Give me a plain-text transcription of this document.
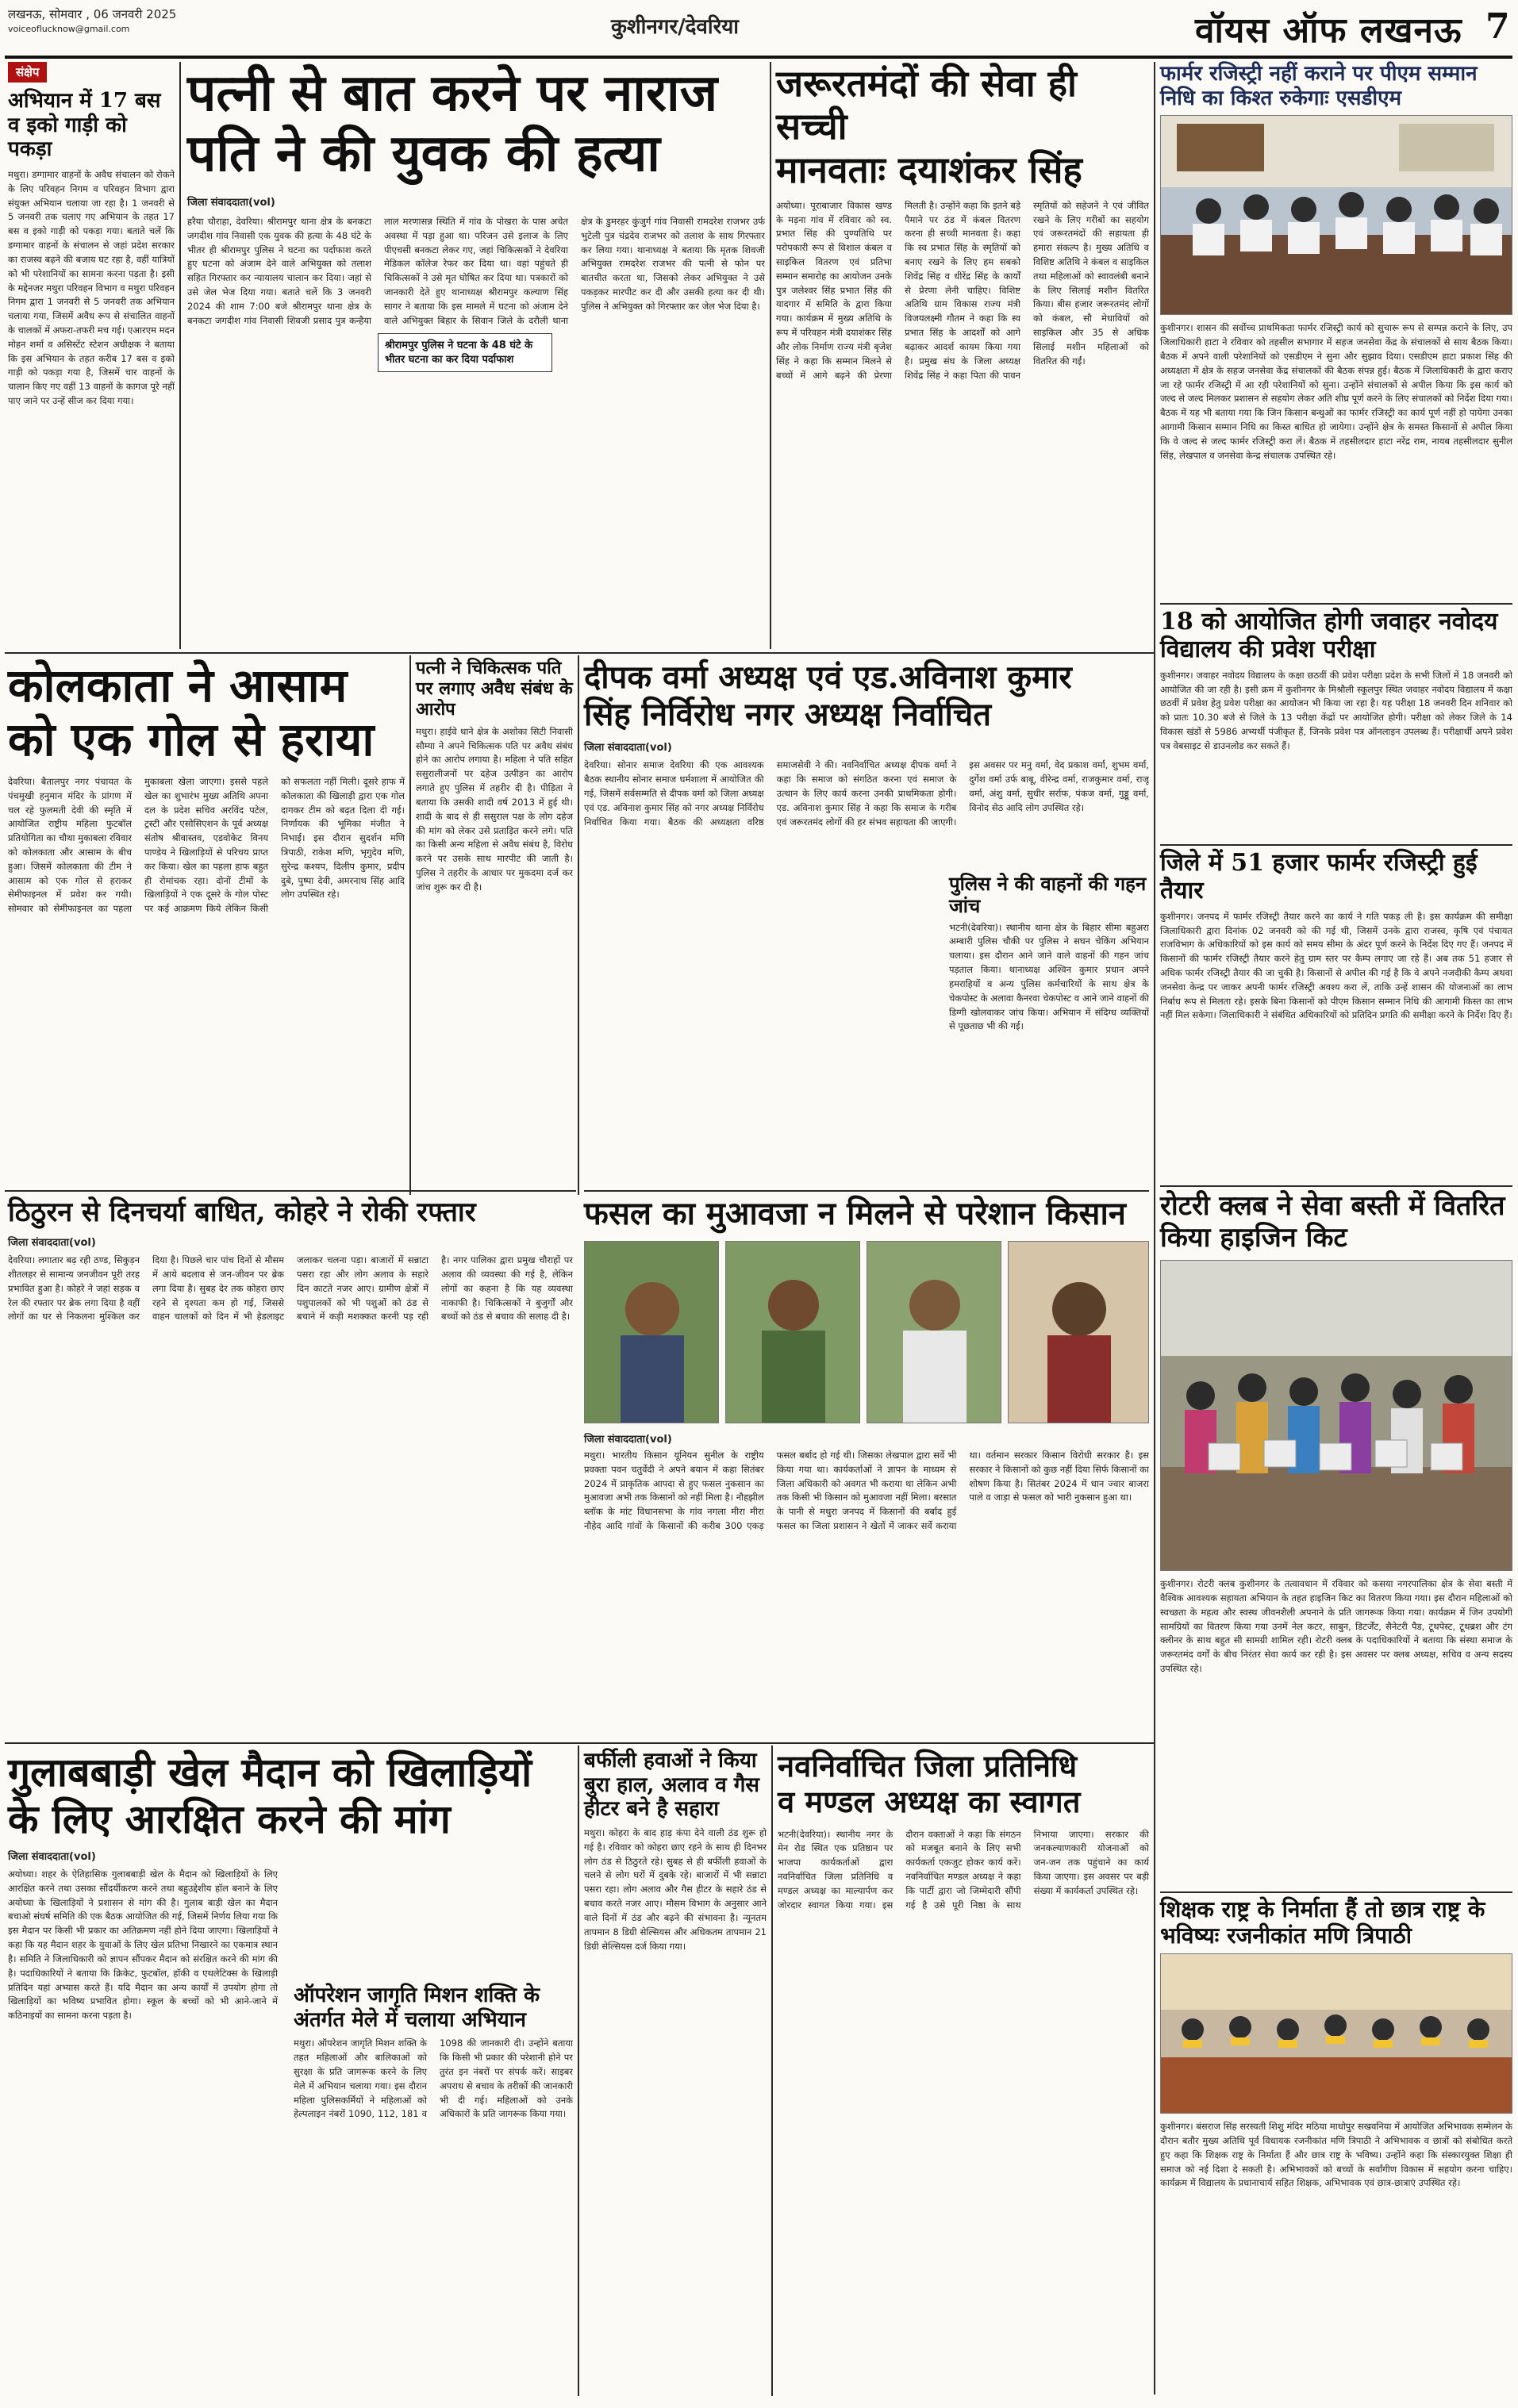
लखनऊ, सोमवार , 06 जनवरी 2025
voiceoflucknow@gmail.com	कुशीनगर/देवरिया	वॉयस ऑफ लखनऊ 7
संक्षेप

अभियान में 17 बस व इको गाड़ी को पकड़ा

मथुरा। डग्गामार वाहनों के अवैध संचालन को रोकने के लिए परिवहन निगम व परिवहन विभाग द्वारा संयुक्त अभियान चलाया जा रहा है। 1 जनवरी से 5 जनवरी तक चलाए गए अभियान के तहत 17 बस व इको गाड़ी को पकड़ा गया। बताते चलें कि डग्गामार वाहनों के संचालन से जहां प्रदेश सरकार का राजस्व बढ़ने की बजाय घट रहा है, वहीं यात्रियों को भी परेशानियों का सामना करना पड़ता है। इसी के मद्देनजर मथुरा परिवहन विभाग व मथुरा परिवहन निगम द्वारा 1 जनवरी से 5 जनवरी तक अभियान चलाया गया, जिसमें अवैध रूप से संचालित वाहनों के चालकों में अफरा-तफरी मच गई। एआरएम मदन मोहन शर्मा व असिस्टेंट स्टेशन अधीक्षक ने बताया कि इस अभियान के तहत करीब 17 बस व इको गाड़ी को पकड़ा गया है, जिसमें चार वाहनों के चालान किए गए वहीं 13 वाहनों के कागज पूरे नहीं पाए जाने पर उन्हें सीज कर दिया गया।

पत्नी से बात करने पर नाराज

पति ने की युवक की हत्या

जिला संवाददाता(vol)
श्रीरामपुर पुलिस ने घटना के 48 घंटे के भीतर घटना का कर दिया पर्दाफाश
हरैया चौराहा, देवरिया। श्रीरामपुर थाना क्षेत्र के बनकटा जगदीश गांव निवासी एक युवक की हत्या के 48 घंटे के भीतर ही श्रीरामपुर पुलिस ने घटना का पर्दाफाश करते हुए घटना को अंजाम देने वाले अभियुक्त को तलाश सहित गिरफ्तार कर न्यायालय चालान कर दिया। जहां से उसे जेल भेज दिया गया। बताते चलें कि 3 जनवरी 2024 की शाम 7:00 बजे श्रीरामपुर थाना क्षेत्र के बनकटा जगदीश गांव निवासी शिवजी प्रसाद पुत्र कन्हैया लाल मरणासन्न स्थिति में गांव के पोखरा के पास अचेत अवस्था में पड़ा हुआ था। परिजन उसे इलाज के लिए पीएचसी बनकटा लेकर गए, जहां चिकित्सकों ने देवरिया मेडिकल कॉलेज रेफर कर दिया था। वहां पहुंचते ही चिकित्सकों ने उसे मृत घोषित कर दिया था। पत्रकारों को जानकारी देते हुए थानाध्यक्ष श्रीरामपुर कल्याण सिंह सागर ने बताया कि इस मामले में घटना को अंजाम देने वाले अभियुक्त बिहार के सिवान जिले के दरौली थाना क्षेत्र के डुमरहर कुंजुर्ग गांव निवासी रामदरेश राजभर उर्फ भुटेली पुत्र चंद्रदेव राजभर को तलाश के साथ गिरफ्तार कर लिया गया। थानाध्यक्ष ने बताया कि मृतक शिवजी अभियुक्त रामदरेश राजभर की पत्नी से फोन पर बातचीत करता था, जिसको लेकर अभियुक्त ने उसे पकड़कर मारपीट कर दी और उसकी हत्या कर दी थी। पुलिस ने अभियुक्त को गिरफ्तार कर जेल भेज दिया है।

जरूरतमंदों की सेवा ही सच्ची

मानवताः दयाशंकर सिंह

अयोध्या। पूराबाजार विकास खण्ड के मड़ना गांव में रविवार को स्व. प्रभात सिंह की पुण्यतिथि पर परोपकारी रूप से विशाल कंबल व साइकिल वितरण एवं प्रतिभा सम्मान समारोह का आयोजन उनके पुत्र जलेश्वर सिंह प्रभात सिंह की यादगार में समिति के द्वारा किया गया। कार्यक्रम में मुख्य अतिथि के रूप में परिवहन मंत्री दयाशंकर सिंह और लोक निर्माण राज्य मंत्री बृजेश सिंह ने कहा कि सम्मान मिलने से बच्चों में आगे बढ़ने की प्रेरणा मिलती है। उन्होंने कहा कि इतने बड़े पैमाने पर ठंड में कंबल वितरण करना ही सच्ची मानवता है। कहा कि स्व प्रभात सिंह के स्मृतियों को बनाए रखने के लिए हम सबको शिवेंद्र सिंह व धीरेंद्र सिंह के कार्यों से प्रेरणा लेनी चाहिए। विशिष्ट अतिथि ग्राम विकास राज्य मंत्री विजयलक्ष्मी गौतम ने कहा कि स्व प्रभात सिंह के आदर्शों को आगे बढ़ाकर आदर्श कायम किया गया है। प्रमुख संघ के जिला अध्यक्ष शिवेंद्र सिंह ने कहा पिता की पावन स्मृतियों को सहेजने ने एवं जीवित रखने के लिए गरीबों का सहयोग एवं जरूरतमंदों की सहायता ही हमारा संकल्प है। मुख्य अतिथि व विशिष्ट अतिथि ने कंबल व साइकिल तथा महिलाओं को स्वावलंबी बनाने के लिए सिलाई मशीन वितरित किया। बीस हजार जरूरतमंद लोगों को कंबल, सौ मेधावियों को साइकिल और 35 से अधिक सिलाई मशीन महिलाओं को वितरित की गईं।

फार्मर रजिस्ट्री नहीं कराने पर पीएम सम्मान निधि का किश्त रुकेगाः एसडीएम

कुशीनगर। शासन की सर्वोच्च प्राथमिकता फार्मर रजिस्ट्री कार्य को सुचारू रूप से सम्पन्न कराने के लिए, उप जिलाधिकारी हाटा ने रविवार को तहसील सभागार में सहज जनसेवा केंद्र के संचालकों से साथ बैठक किया। बैठक में अपने वाली परेशानियों को एसडीएम ने सुना और सुझाव दिया। एसडीएम हाटा प्रकाश सिंह की अध्यक्षता में क्षेत्र के सहज जनसेवा केंद्र संचालकों की बैठक संपन्न हुई। बैठक में जिलाधिकारी के द्वारा कराए जा रहे फार्मर रजिस्ट्री में आ रही परेशानियों को सुना। उन्होंने संचालकों से अपील किया कि इस कार्य को जल्द से जल्द मिलकर प्रशासन से सहयोग लेकर अति शीघ्र पूर्ण करने के लिए संचालकों को निर्देश दिया गया। बैठक में यह भी बताया गया कि जिन किसान बन्धुओं का फार्मर रजिस्ट्री का कार्य पूर्ण नहीं हो पायेगा उनका आगामी किसान सम्मान निधि का किस्त बाधित हो जायेगा। उन्होंने क्षेत्र के समस्त किसानों से अपील किया कि वे जल्द से जल्द फार्मर रजिस्ट्री करा लें। बैठक में तहसीलदार हाटा नरेंद्र राम, नायब तहसीलदार सुनील सिंह, लेखपाल व जनसेवा केन्द्र संचालक उपस्थित रहे।

18 को आयोजित होगी जवाहर नवोदय विद्यालय की प्रवेश परीक्षा

कुशीनगर। जवाहर नवोदय विद्यालय के कक्षा छठवीं की प्रवेश परीक्षा प्रदेश के सभी जिलों में 18 जनवरी को आयोजित की जा रही है। इसी क्रम में कुशीनगर के मिश्रौली स्कूलपुर स्थित जवाहर नवोदय विद्यालय में कक्षा छठवीं में प्रवेश हेतु प्रवेश परीक्षा का आयोजन भी किया जा रहा है। यह परीक्षा 18 जनवरी दिन शनिवार को को प्रातः 10.30 बजे से जिले के 13 परीक्षा केंद्रों पर आयोजित होगी। परीक्षा को लेकर जिले के 14 विकास खंडों से 5986 अभ्यर्थी पंजीकृत हैं, जिनके प्रवेश पत्र ऑनलाइन उपलब्ध हैं। परीक्षार्थी अपने प्रवेश पत्र वेबसाइट से डाउनलोड कर सकते हैं।

जिले में 51 हजार फार्मर रजिस्ट्री हुई तैयार

कुशीनगर। जनपद में फार्मर रजिस्ट्री तैयार करने का कार्य ने गति पकड़ ली है। इस कार्यक्रम की समीक्षा जिलाधिकारी द्वारा दिनांक 02 जनवरी को की गई थी, जिसमें उनके द्वारा राजस्व, कृषि एवं पंचायत राजविभाग के अधिकारियों को इस कार्य को समय सीमा के अंदर पूर्ण करने के निर्देश दिए गए हैं। जनपद में किसानों की फार्मर रजिस्ट्री तैयार करने हेतु ग्राम स्तर पर कैम्प लगाए जा रहे हैं। अब तक 51 हजार से अधिक फार्मर रजिस्ट्री तैयार की जा चुकी है। किसानों से अपील की गई है कि वे अपने नजदीकी कैम्प अथवा जनसेवा केन्द्र पर जाकर अपनी फार्मर रजिस्ट्री अवश्य करा लें, ताकि उन्हें शासन की योजनाओं का लाभ निर्बाध रूप से मिलता रहे। इसके बिना किसानों को पीएम किसान सम्मान निधि की आगामी किस्त का लाभ नहीं मिल सकेगा। जिलाधिकारी ने संबंधित अधिकारियों को प्रतिदिन प्रगति की समीक्षा करने के निर्देश दिए हैं।

रोटरी क्लब ने सेवा बस्ती में वितरित किया हाइजिन किट

कुशीनगर। रोटरी क्लब कुशीनगर के तत्वावधान में रविवार को कसया नगरपालिका क्षेत्र के सेवा बस्ती में वैश्विक आवश्यक सहायता अभियान के तहत हाइजिन किट का वितरण किया गया। इस दौरान महिलाओं को स्वच्छता के महत्व और स्वस्थ जीवनशैली अपनाने के प्रति जागरूक किया गया। कार्यक्रम में जिन उपयोगी सामग्रियों का वितरण किया गया उनमें नेल कटर, साबुन, डिटर्जेंट, सैनेटरी पैड, टूथपेस्ट, टूथब्रश और टंग क्लीनर के साथ बहुत सी सामग्री शामिल रही। रोटरी क्लब के पदाधिकारियों ने बताया कि संस्था समाज के जरूरतमंद वर्गों के बीच निरंतर सेवा कार्य कर रही है। इस अवसर पर क्लब अध्यक्ष, सचिव व अन्य सदस्य उपस्थित रहे।

शिक्षक राष्ट्र के निर्माता हैं तो छात्र राष्ट्र के भविष्यः रजनीकांत मणि त्रिपाठी

कुशीनगर। बंसराज सिंह सरस्वती शिशु मंदिर मठिया माधोपुर सखवनिया में आयोजित अभिभावक सम्मेलन के दौरान बतौर मुख्य अतिथि पूर्व विधायक रजनीकांत मणि त्रिपाठी ने अभिभावक व छात्रों को संबोधित करते हुए कहा कि शिक्षक राष्ट्र के निर्माता हैं और छात्र राष्ट्र के भविष्य। उन्होंने कहा कि संस्कारयुक्त शिक्षा ही समाज को नई दिशा दे सकती है। अभिभावकों को बच्चों के सर्वांगीण विकास में सहयोग करना चाहिए। कार्यक्रम में विद्यालय के प्रधानाचार्य सहित शिक्षक, अभिभावक एवं छात्र-छात्राएं उपस्थित रहे।

कोलकाता ने आसाम

को एक गोल से हराया

देवरिया। बैतालपुर नगर पंचायत के पंचमुखी हनुमान मंदिर के प्रांगण में चल रहे फुलमती देवी की स्मृति में आयोजित राष्ट्रीय महिला फुटबॉल प्रतियोगिता का चौथा मुकाबला रविवार को कोलकाता और आसाम के बीच हुआ। जिसमें कोलकाता की टीम ने आसाम को एक गोल से हराकर सेमीफाइनल में प्रवेश कर गयी। सोमवार को सेमीफाइनल का पहला मुकाबला खेला जाएगा। इससे पहले खेल का शुभारंभ मुख्य अतिथि अपना दल के प्रदेश सचिव अरविंद पटेल, ट्रस्टी और एसोसिएशन के पूर्व अध्यक्ष संतोष श्रीवास्तव, एडवोकेट विनय पाण्डेय ने खिलाड़ियों से परिचय प्राप्त कर किया। खेल का पहला हाफ बहुत ही रोमांचक रहा। दोनों टीमों के खिलाड़ियों ने एक दूसरे के गोल पोस्ट पर कई आक्रमण किये लेकिन किसी को सफलता नहीं मिली। दूसरे हाफ में कोलकाता की खिलाड़ी द्वारा एक गोल दागकर टीम को बढ़त दिला दी गई। निर्णायक की भूमिका मंजीत ने निभाई। इस दौरान सुदर्शन मणि त्रिपाठी, राकेश मणि, भृगुदेव मणि, सुरेन्द्र कश्यप, दिलीप कुमार, प्रदीप दुबे, पुष्पा देवी, अमरनाथ सिंह आदि लोग उपस्थित रहे।

पत्नी ने चिकित्सक पति पर लगाए अवैध संबंध के आरोप

मथुरा। हाईवे थाने क्षेत्र के अशोका सिटी निवासी सौम्या ने अपने चिकित्सक पति पर अवैध संबंध होने का आरोप लगाया है। महिला ने पति सहित ससुरालीजनों पर दहेज उत्पीड़न का आरोप लगाते हुए पुलिस में तहरीर दी है। पीड़िता ने बताया कि उसकी शादी वर्ष 2013 में हुई थी। शादी के बाद से ही ससुराल पक्ष के लोग दहेज की मांग को लेकर उसे प्रताड़ित करने लगे। पति का किसी अन्य महिला से अवैध संबंध है, विरोध करने पर उसके साथ मारपीट की जाती है। पुलिस ने तहरीर के आधार पर मुकदमा दर्ज कर जांच शुरू कर दी है।

दीपक वर्मा अध्यक्ष एवं एड.अविनाश कुमार

सिंह निर्विरोध नगर अध्यक्ष निर्वाचित

जिला संवाददाता(vol)
देवरिया। सोनार समाज देवरिया की एक आवश्यक बैठक स्थानीय सोनार समाज धर्मशाला में आयोजित की गई, जिसमें सर्वसम्मति से दीपक वर्मा को जिला अध्यक्ष एवं एड. अविनाश कुमार सिंह को नगर अध्यक्ष निर्विरोध निर्वाचित किया गया। बैठक की अध्यक्षता वरिष्ठ समाजसेवी ने की। नवनिर्वाचित अध्यक्ष दीपक वर्मा ने कहा कि समाज को संगठित करना एवं समाज के उत्थान के लिए कार्य करना उनकी प्राथमिकता होगी। एड. अविनाश कुमार सिंह ने कहा कि समाज के गरीब एवं जरूरतमंद लोगों की हर संभव सहायता की जाएगी। इस अवसर पर मनु वर्मा, वेद प्रकाश वर्मा, शुभम वर्मा, दुर्गेश वर्मा उर्फ बाबू, वीरेन्द्र वर्मा, राजकुमार वर्मा, राजू वर्मा, अंशु वर्मा, सुधीर सर्राफ, पंकज वर्मा, गुड्डू वर्मा, विनोद सेठ आदि लोग उपस्थित रहे।

पुलिस ने की वाहनों की गहन जांच

भटनी(देवरिया)। स्थानीय थाना क्षेत्र के बिहार सीमा बहुअरा अम्बारी पुलिस चौकी पर पुलिस ने सघन चेकिंग अभियान चलाया। इस दौरान आने जाने वाले वाहनों की गहन जांच पड़ताल किया। थानाध्यक्ष अश्विन कुमार प्रधान अपने हमराहियों व अन्य पुलिस कर्मचारियों के साथ क्षेत्र के चेकपोस्ट के अलावा कैनरवा चेकपोस्ट व आने जाने वाहनों की डिग्गी खोलवाकर जांच किया। अभियान में संदिग्ध व्यक्तियों से पूछताछ भी की गई।

फसल का मुआवजा न मिलने से परेशान किसान

जिला संवाददाता(vol)
मथुरा। भारतीय किसान यूनियन सुनील के राष्ट्रीय प्रवक्ता पवन चतुर्वेदी ने अपने बयान में कहा सितंबर 2024 में प्राकृतिक आपदा से हुए फसल नुकसान का मुआवजा अभी तक किसानों को नहीं मिला है। नौहझील ब्लॉक के मांट विधानसभा के गांव नगला मीरा मीरा नौहेद आदि गांवों के किसानों की करीब 300 एकड़ फसल बर्बाद हो गई थी। जिसका लेखपाल द्वारा सर्वे भी किया गया था। कार्यकर्ताओं ने ज्ञापन के माध्यम से जिला अधिकारी को अवगत भी कराया था लेकिन अभी तक किसी भी किसान को मुआवजा नहीं मिला। बरसात के पानी से मथुरा जनपद में किसानों की बर्बाद हुई फसल का जिला प्रशासन ने खेतों में जाकर सर्वे कराया था। वर्तमान सरकार किसान विरोधी सरकार है। इस सरकार ने किसानों को कुछ नहीं दिया सिर्फ किसानों का शोषण किया है। सितंबर 2024 में धान ज्वार बाजरा पाले व जाड़ा से फसल को भारी नुकसान हुआ था।

ठिठुरन से दिनचर्या बाधित, कोहरे ने रोकी रफ्तार

जिला संवाददाता(vol)
देवरिया। लगातार बढ़ रही ठण्ड, सिकुड़न शीतलहर से सामान्य जनजीवन पूरी तरह प्रभावित हुआ है। कोहरे ने जहां सड़क व रेल की रफ्तार पर ब्रेक लगा दिया है वहीं लोगों का घर से निकलना मुश्किल कर दिया है। पिछले चार पांच दिनों से मौसम में आये बदलाव से जन-जीवन पर ब्रेक लगा दिया है। सुबह देर तक कोहरा छाए रहने से दृश्यता कम हो गई, जिससे वाहन चालकों को दिन में भी हेडलाइट जलाकर चलना पड़ा। बाजारों में सन्नाटा पसरा रहा और लोग अलाव के सहारे दिन काटते नजर आए। ग्रामीण क्षेत्रों में पशुपालकों को भी पशुओं को ठंड से बचाने में कड़ी मशक्कत करनी पड़ रही है। नगर पालिका द्वारा प्रमुख चौराहों पर अलाव की व्यवस्था की गई है, लेकिन लोगों का कहना है कि यह व्यवस्था नाकाफी है। चिकित्सकों ने बुजुर्गों और बच्चों को ठंड से बचाव की सलाह दी है।

गुलाबबाड़ी खेल मैदान को खिलाड़ियों

के लिए आरक्षित करने की मांग

जिला संवाददाता(vol)
अयोध्या। शहर के ऐतिहासिक गुलाबबाड़ी खेल के मैदान को खिलाड़ियों के लिए आरक्षित करने तथा उसका सौंदर्यीकरण करने तथा बहुउद्देशीय हॉल बनाने के लिए अयोध्या के खिलाड़ियों ने प्रशासन से मांग की है। गुलाब बाड़ी खेल का मैदान बचाओ संघर्ष समिति की एक बैठक आयोजित की गई, जिसमें निर्णय लिया गया कि इस मैदान पर किसी भी प्रकार का अतिक्रमण नहीं होने दिया जाएगा। खिलाड़ियों ने कहा कि यह मैदान शहर के युवाओं के लिए खेल प्रतिभा निखारने का एकमात्र स्थान है। समिति ने जिलाधिकारी को ज्ञापन सौंपकर मैदान को संरक्षित करने की मांग की है। पदाधिकारियों ने बताया कि क्रिकेट, फुटबॉल, हॉकी व एथलेटिक्स के खिलाड़ी प्रतिदिन यहां अभ्यास करते हैं। यदि मैदान का अन्य कार्यों में उपयोग होगा तो खिलाड़ियों का भविष्य प्रभावित होगा। स्कूल के बच्चों को भी आने-जाने में कठिनाइयों का सामना करना पड़ता है।

ऑपरेशन जागृति मिशन शक्ति के अंतर्गत मेले में चलाया अभियान

मथुरा। ऑपरेशन जागृति मिशन शक्ति के तहत महिलाओं और बालिकाओं को सुरक्षा के प्रति जागरूक करने के लिए मेले में अभियान चलाया गया। इस दौरान महिला पुलिसकर्मियों ने महिलाओं को हेल्पलाइन नंबरों 1090, 112, 181 व 1098 की जानकारी दी। उन्होंने बताया कि किसी भी प्रकार की परेशानी होने पर तुरंत इन नंबरों पर संपर्क करें। साइबर अपराध से बचाव के तरीकों की जानकारी भी दी गई। महिलाओं को उनके अधिकारों के प्रति जागरूक किया गया।

बर्फीली हवाओं ने किया बुरा हाल, अलाव व गैस हीटर बने है सहारा

मथुरा। कोहरा के बाद हाड़ कंपा देने वाली ठंड शुरू हो गई है। रविवार को कोहरा छाए रहने के साथ ही दिनभर लोग ठंड से ठिठुरते रहे। सुबह से ही बर्फीली हवाओं के चलने से लोग घरों में दुबके रहे। बाजारों में भी सन्नाटा पसरा रहा। लोग अलाव और गैस हीटर के सहारे ठंड से बचाव करते नजर आए। मौसम विभाग के अनुसार आने वाले दिनों में ठंड और बढ़ने की संभावना है। न्यूनतम तापमान 8 डिग्री सेल्सियस और अधिकतम तापमान 21 डिग्री सेल्सियस दर्ज किया गया।

नवनिर्वाचित जिला प्रतिनिधि

व मण्डल अध्यक्ष का स्वागत

भटनी(देवरिया)। स्थानीय नगर के मेन रोड स्थित एक प्रतिष्ठान पर भाजपा कार्यकर्ताओं द्वारा नवनिर्वाचित जिला प्रतिनिधि व मण्डल अध्यक्ष का माल्यार्पण कर जोरदार स्वागत किया गया। इस दौरान वक्ताओं ने कहा कि संगठन को मजबूत बनाने के लिए सभी कार्यकर्ता एकजुट होकर कार्य करें। नवनिर्वाचित मण्डल अध्यक्ष ने कहा कि पार्टी द्वारा जो जिम्मेदारी सौंपी गई है उसे पूरी निष्ठा के साथ निभाया जाएगा। सरकार की जनकल्याणकारी योजनाओं को जन-जन तक पहुंचाने का कार्य किया जाएगा। इस अवसर पर बड़ी संख्या में कार्यकर्ता उपस्थित रहे।
